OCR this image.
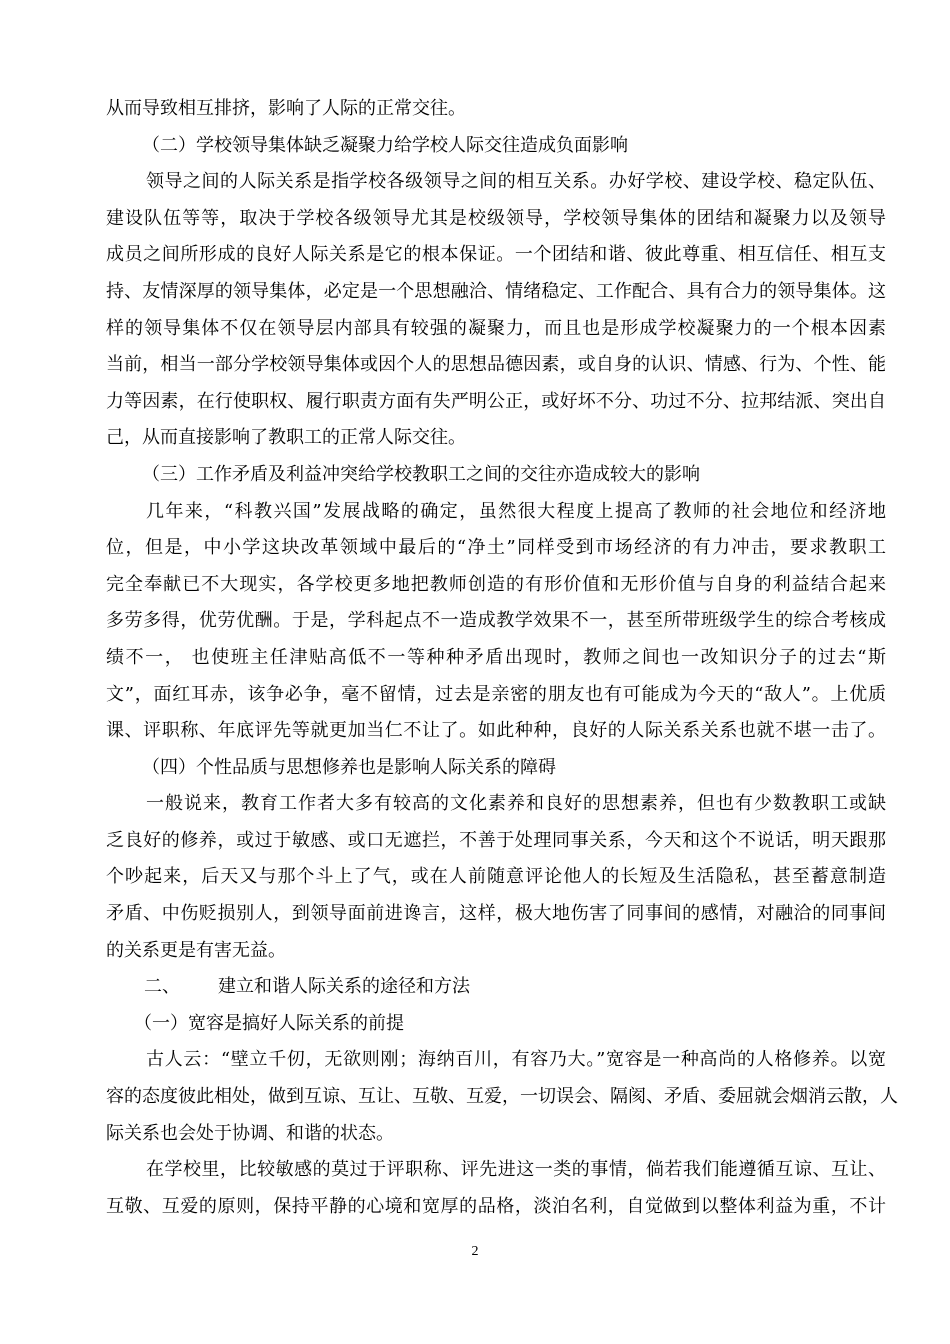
从而导致相互排挤，影响了人际的正常交往。
（二）学校领导集体缺乏凝聚力给学校人际交往造成负面影响
领导之间的人际关系是指学校各级领导之间的相互关系。办好学校、建设学校、稳定队伍、
建设队伍等等，取决于学校各级领导尤其是校级领导，学校领导集体的团结和凝聚力以及领导
成员之间所形成的良好人际关系是它的根本保证。一个团结和谐、彼此尊重、相互信任、相互支
持、友情深厚的领导集体，必定是一个思想融洽、情绪稳定、工作配合、具有合力的领导集体。这
样的领导集体不仅在领导层内部具有较强的凝聚力，而且也是形成学校凝聚力的一个根本因素
当前，相当一部分学校领导集体或因个人的思想品德因素，或自身的认识、情感、行为、个性、能
力等因素，在行使职权、履行职责方面有失严明公正，或好坏不分、功过不分、拉邦结派、突出自
己，从而直接影响了教职工的正常人际交往。
（三）工作矛盾及利益冲突给学校教职工之间的交往亦造成较大的影响
几年来，“科教兴国”发展战略的确定，虽然很大程度上提高了教师的社会地位和经济地
位，但是，中小学这块改革领域中最后的“净土”同样受到市场经济的有力冲击，要求教职工
完全奉献已不大现实，各学校更多地把教师创造的有形价值和无形价值与自身的利益结合起来
多劳多得，优劳优酬。于是，学科起点不一造成教学效果不一，甚至所带班级学生的综合考核成
绩不一， 也使班主任津贴高低不一等种种矛盾出现时，教师之间也一改知识分子的过去“斯
文”，面红耳赤，该争必争，毫不留情，过去是亲密的朋友也有可能成为今天的“敌人”。上优质
课、评职称、年底评先等就更加当仁不让了。如此种种，良好的人际关系关系也就不堪一击了。
（四）个性品质与思想修养也是影响人际关系的障碍
一般说来，教育工作者大多有较高的文化素养和良好的思想素养，但也有少数教职工或缺
乏良好的修养，或过于敏感、或口无遮拦，不善于处理同事关系，今天和这个不说话，明天跟那
个吵起来，后天又与那个斗上了气，或在人前随意评论他人的长短及生活隐私，甚至蓄意制造
矛盾、中伤贬损别人，到领导面前进谗言，这样，极大地伤害了同事间的感情，对融洽的同事间
的关系更是有害无益。
二、 建立和谐人际关系的途径和方法
（一）宽容是搞好人际关系的前提
古人云：“壁立千仞，无欲则刚；海纳百川，有容乃大。”宽容是一种高尚的人格修养。以宽
容的态度彼此相处，做到互谅、互让、互敬、互爱，一切误会、隔阂、矛盾、委屈就会烟消云散，人
际关系也会处于协调、和谐的状态。
在学校里，比较敏感的莫过于评职称、评先进这一类的事情，倘若我们能遵循互谅、互让、
互敬、互爱的原则，保持平静的心境和宽厚的品格，淡泊名利，自觉做到以整体利益为重，不计
2
